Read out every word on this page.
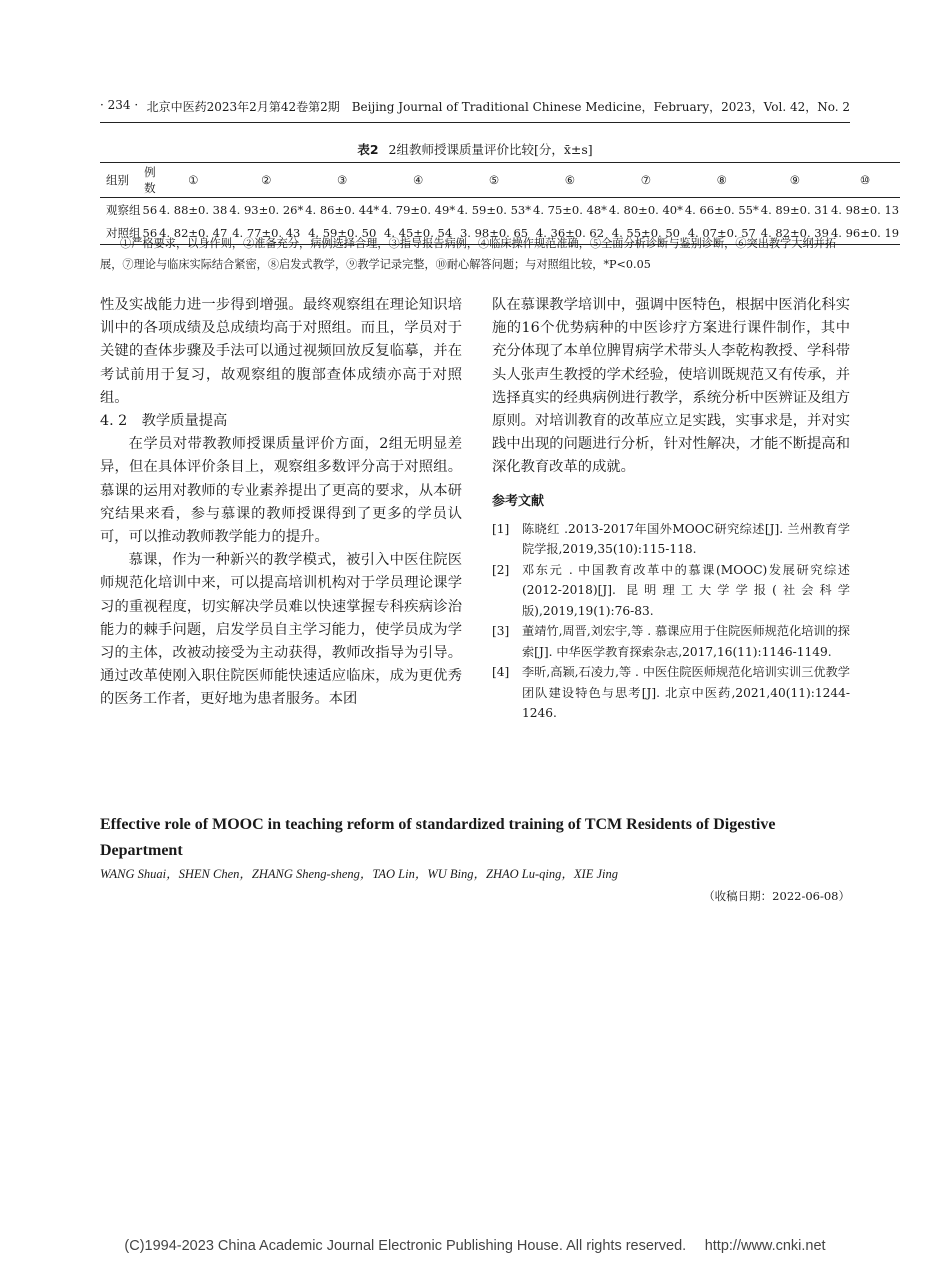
· 234 · 北京中医药2023年2月第42卷第2期　Beijing Journal of Traditional Chinese Medicine，February，2023，Vol. 42，No. 2
表2 2组教师授课质量评价比较[分，x̄±s]
组别	例数	①	②	③	④	⑤	⑥	⑦	⑧	⑨	⑩
观察组	56	4. 88±0. 38	4. 93±0. 26*	4. 86±0. 44*	4. 79±0. 49*	4. 59±0. 53*	4. 75±0. 48*	4. 80±0. 40*	4. 66±0. 55*	4. 89±0. 31	4. 98±0. 13
对照组	56	4. 82±0. 47	4. 77±0. 43	4. 59±0. 50	4. 45±0. 54	3. 98±0. 65	4. 36±0. 62	4. 55±0. 50	4. 07±0. 57	4. 82±0. 39	4. 96±0. 19
①严格要求，以身作则，②准备充分，病例选择合理，③指导报告病例，④临床操作规范准确，⑤全面分析诊断与鉴别诊断，⑥突出教学大纲并拓展，⑦理论与临床实际结合紧密，⑧启发式教学，⑨教学记录完整，⑩耐心解答问题；与对照组比较，*P<0.05

性及实战能力进一步得到增强。最终观察组在理论知识培训中的各项成绩及总成绩均高于对照组。而且，学员对于关键的查体步骤及手法可以通过视频回放反复临摹，并在考试前用于复习，故观察组的腹部查体成绩亦高于对照组。

4. 2　教学质量提高

在学员对带教教师授课质量评价方面，2组无明显差异，但在具体评价条目上，观察组多数评分高于对照组。慕课的运用对教师的专业素养提出了更高的要求，从本研究结果来看，参与慕课的教师授课得到了更多的学员认可，可以推动教师教学能力的提升。

慕课，作为一种新兴的教学模式，被引入中医住院医师规范化培训中来，可以提高培训机构对于学员理论课学习的重视程度，切实解决学员难以快速掌握专科疾病诊治能力的棘手问题，启发学员自主学习能力，使学员成为学习的主体，改被动接受为主动获得，教师改指导为引导。通过改革使刚入职住院医师能快速适应临床，成为更优秀的医务工作者，更好地为患者服务。本团

队在慕课教学培训中，强调中医特色，根据中医消化科实施的16个优势病种的中医诊疗方案进行课件制作，其中充分体现了本单位脾胃病学术带头人李乾构教授、学科带头人张声生教授的学术经验，使培训既规范又有传承，并选择真实的经典病例进行教学，系统分析中医辨证及组方原则。对培训教育的改革应立足实践，实事求是，并对实践中出现的问题进行分析，针对性解决，才能不断提高和深化教育改革的成就。

参考文献
[1]	陈晓红 .2013-2017年国外MOOC研究综述[J]. 兰州教育学院学报,2019,35(10):115-118.
[2]	邓东元 . 中国教育改革中的慕课(MOOC)发展研究综述(2012-2018)[J]. 昆明理工大学学报(社会科学版),2019,19(1):76-83.
[3]	董靖竹,周晋,刘宏宇,等 . 慕课应用于住院医师规范化培训的探索[J]. 中华医学教育探索杂志,2017,16(11):1146-1149.
[4]	李昕,高颖,石凌力,等 . 中医住院医师规范化培训实训三优教学团队建设特色与思考[J]. 北京中医药,2021,40(11):1244-1246.
Effective role of MOOC in teaching reform of standardized training of TCM Residents of Digestive Department
WANG Shuai，SHEN Chen，ZHANG Sheng-sheng，TAO Lin，WU Bing，ZHAO Lu-qing，XIE Jing
（收稿日期：2022-06-08）
(C)1994-2023 China Academic Journal Electronic Publishing House. All rights reserved.　 http://www.cnki.net
